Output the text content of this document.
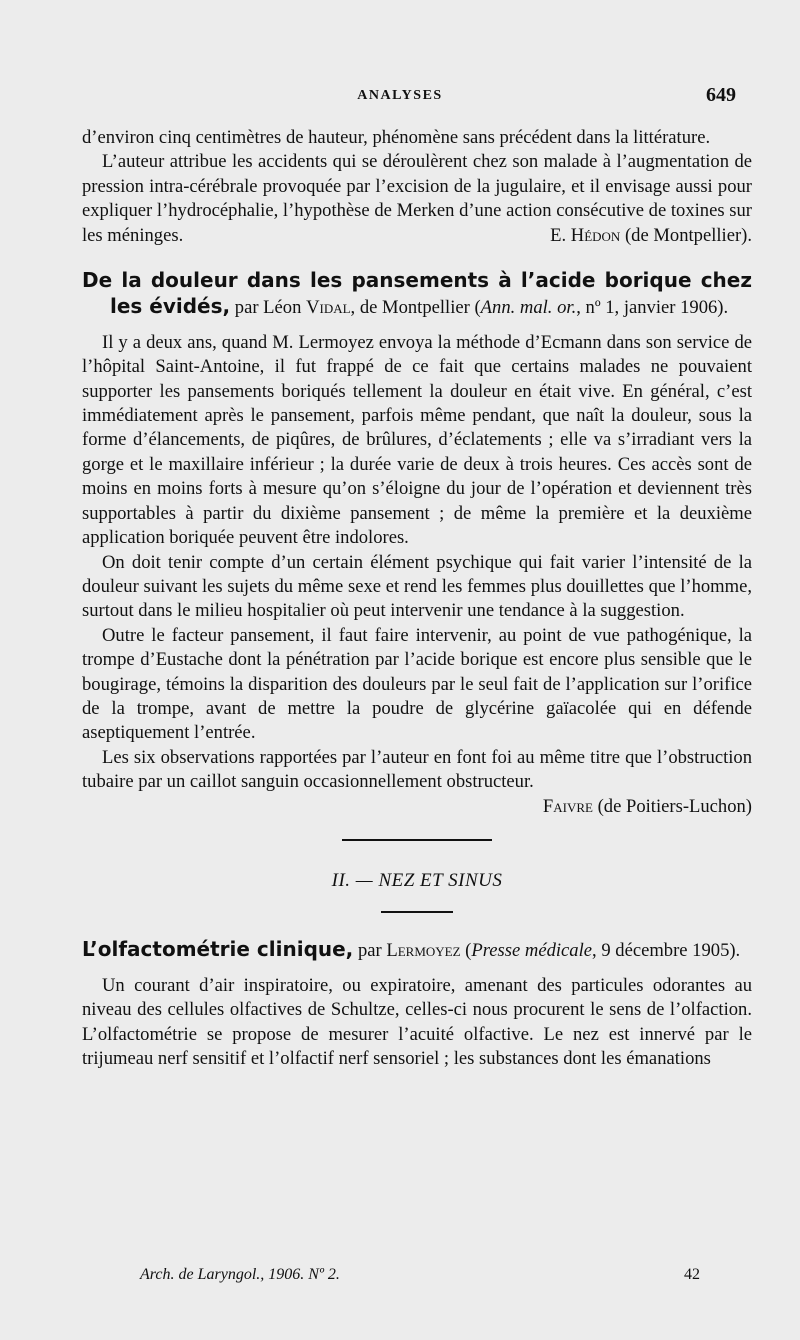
ANALYSES	649

d’environ cinq centimètres de hauteur, phénomène sans précédent dans la littérature.

L’auteur attribue les accidents qui se déroulèrent chez son malade à l’augmentation de pression intra-cérébrale provoquée par l’excision de la jugulaire, et il envisage aussi pour expliquer l’hydrocéphalie, l’hypothèse de Merken d’une action consécutive de toxines sur les méninges.	E. Hédon (de Montpellier).

De la douleur dans les pansements à l’acide borique chez les évidés, par Léon Vidal, de Montpellier (Ann. mal. or., nº 1, janvier 1906).

Il y a deux ans, quand M. Lermoyez envoya la méthode d’Ecmann dans son service de l’hôpital Saint-Antoine, il fut frappé de ce fait que certains malades ne pouvaient supporter les pansements boriqués tellement la douleur en était vive. En général, c’est immédiatement après le pansement, parfois même pendant, que naît la douleur, sous la forme d’élancements, de piqûres, de brûlures, d’éclatements ; elle va s’irradiant vers la gorge et le maxillaire inférieur ; la durée varie de deux à trois heures. Ces accès sont de moins en moins forts à mesure qu’on s’éloigne du jour de l’opération et deviennent très supportables à partir du dixième pansement ; de même la première et la deuxième application boriquée peuvent être indolores.

On doit tenir compte d’un certain élément psychique qui fait varier l’intensité de la douleur suivant les sujets du même sexe et rend les femmes plus douillettes que l’homme, surtout dans le milieu hospitalier où peut intervenir une tendance à la suggestion.

Outre le facteur pansement, il faut faire intervenir, au point de vue pathogénique, la trompe d’Eustache dont la pénétration par l’acide borique est encore plus sensible que le bougirage, témoins la disparition des douleurs par le seul fait de l’application sur l’orifice de la trompe, avant de mettre la poudre de glycérine gaïacolée qui en défende aseptiquement l’entrée.

Les six observations rapportées par l’auteur en font foi au même titre que l’obstruction tubaire par un caillot sanguin occasionnellement obstructeur.
Faivre (de Poitiers-Luchon)

II. — NEZ ET SINUS
L’olfactométrie clinique, par Lermoyez (Presse médicale, 9 décembre 1905).

Un courant d’air inspiratoire, ou expiratoire, amenant des particules odorantes au niveau des cellules olfactives de Schultze, celles-ci nous procurent le sens de l’olfaction. L’olfactométrie se propose de mesurer l’acuité olfactive. Le nez est innervé par le trijumeau nerf sensitif et l’olfactif nerf sensoriel ; les substances dont les émanations

Arch. de Laryngol., 1906. Nº 2.	42
